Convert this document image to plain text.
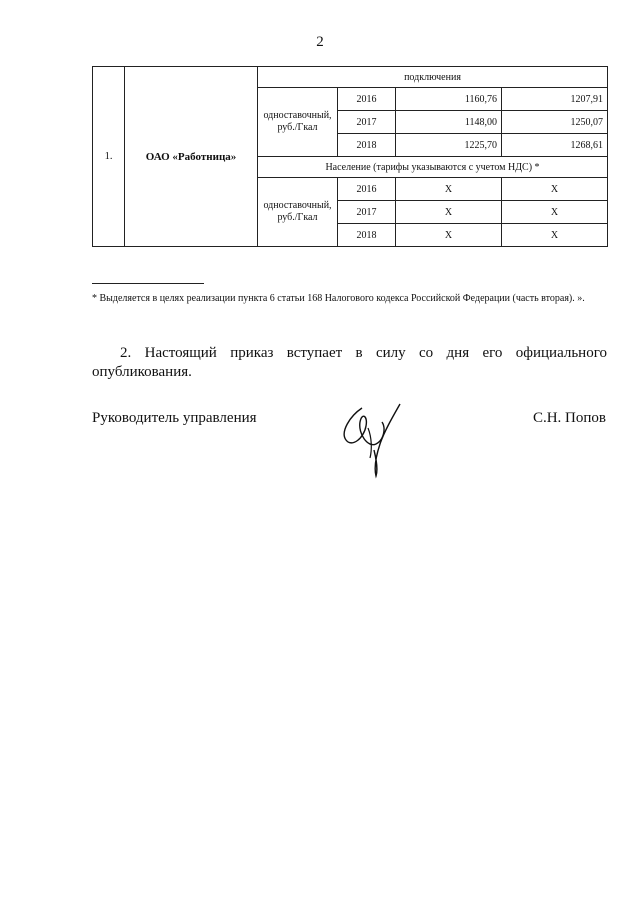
2
1.	ОАО «Работница»	подключения			

		одноставочный,
руб./Гкал	2016	1160,76	1207,91
			2017	1148,00	1250,07
			2018	1225,70	1268,61
		Население (тарифы указываются с учетом НДС) *			

		одноставочный,
руб./Гкал	2016	Х	Х
			2017	Х	Х
			2018	Х	Х
* Выделяется в целях реализации пункта 6 статьи 168 Налогового кодекса Российской Федерации (часть вторая). ».
2. Настоящий приказ вступает в силу со дня его официального опубликования.
Руководитель управления	С.Н. Попов
